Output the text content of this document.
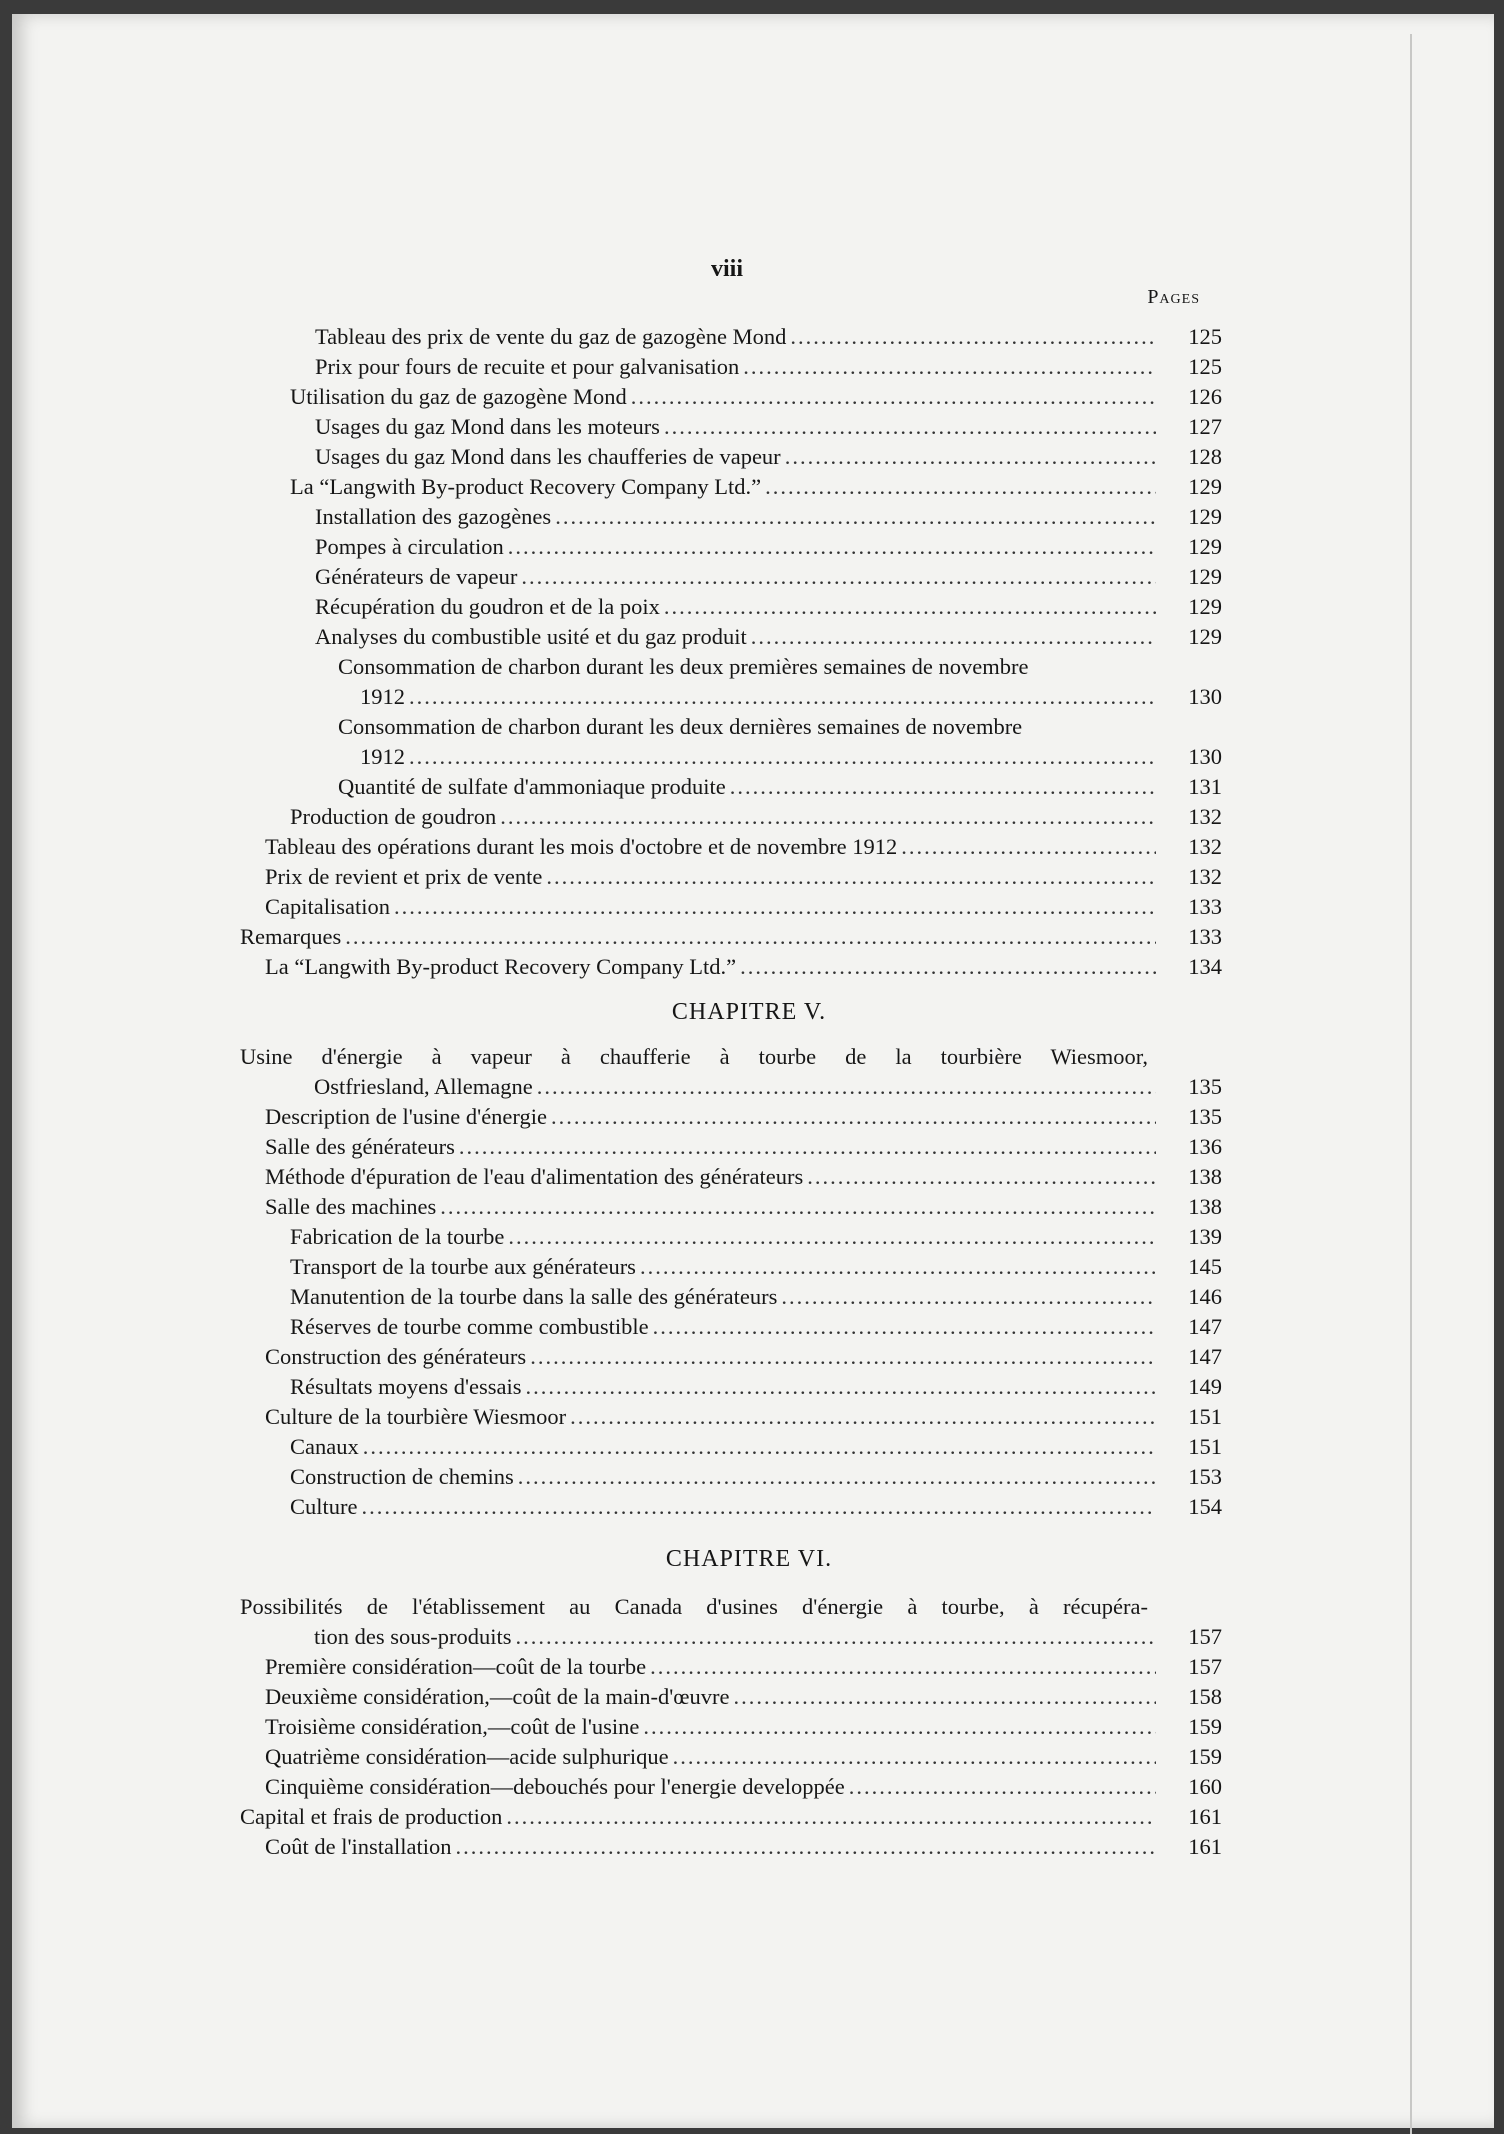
viii
Pages
Tableau des prix de vente du gaz de gazogène Mond .....	125
Prix pour fours de recuite et pour galvanisation .....	125
Utilisation du gaz de gazogène Mond .....	126
Usages du gaz Mond dans les moteurs .....	127
Usages du gaz Mond dans les chaufferies de vapeur .....	128
La “Langwith By-product Recovery Company Ltd.” .....	129
Installation des gazogènes .....	129
Pompes à circulation .....	129
Générateurs de vapeur .....	129
Récupération du goudron et de la poix .....	129
Analyses du combustible usité et du gaz produit .....	129
Consommation de charbon durant les deux premières semaines de novembre
1912 .....	130
Consommation de charbon durant les deux dernières semaines de novembre
1912 .....	130
Quantité de sulfate d'ammoniaque produite .....	131
Production de goudron .....	132
Tableau des opérations durant les mois d'octobre et de novembre 1912 .....	132
Prix de revient et prix de vente .....	132
Capitalisation .....	133
Remarques .....	133
La “Langwith By-product Recovery Company Ltd.” .....	134
CHAPITRE V.
Usine d'énergie à vapeur à chaufferie à tourbe de la tourbière Wiesmoor,
Ostfriesland, Allemagne .....	135
Description de l'usine d'énergie .....	135
Salle des générateurs .....	136
Méthode d'épuration de l'eau d'alimentation des générateurs .....	138
Salle des machines .....	138
Fabrication de la tourbe .....	139
Transport de la tourbe aux générateurs .....	145
Manutention de la tourbe dans la salle des générateurs .....	146
Réserves de tourbe comme combustible .....	147
Construction des générateurs .....	147
Résultats moyens d'essais .....	149
Culture de la tourbière Wiesmoor .....	151
Canaux .....	151
Construction de chemins .....	153
Culture .....	154
CHAPITRE VI.
Possibilités de l'établissement au Canada d'usines d'énergie à tourbe, à récupéra-
tion des sous-produits .....	157
Première considération—coût de la tourbe .....	157
Deuxième considération,—coût de la main-d'œuvre .....	158
Troisième considération,—coût de l'usine .....	159
Quatrième considération—acide sulphurique .....	159
Cinquième considération—debouchés pour l'energie developpée .....	160
Capital et frais de production .....	161
Coût de l'installation .....	161
